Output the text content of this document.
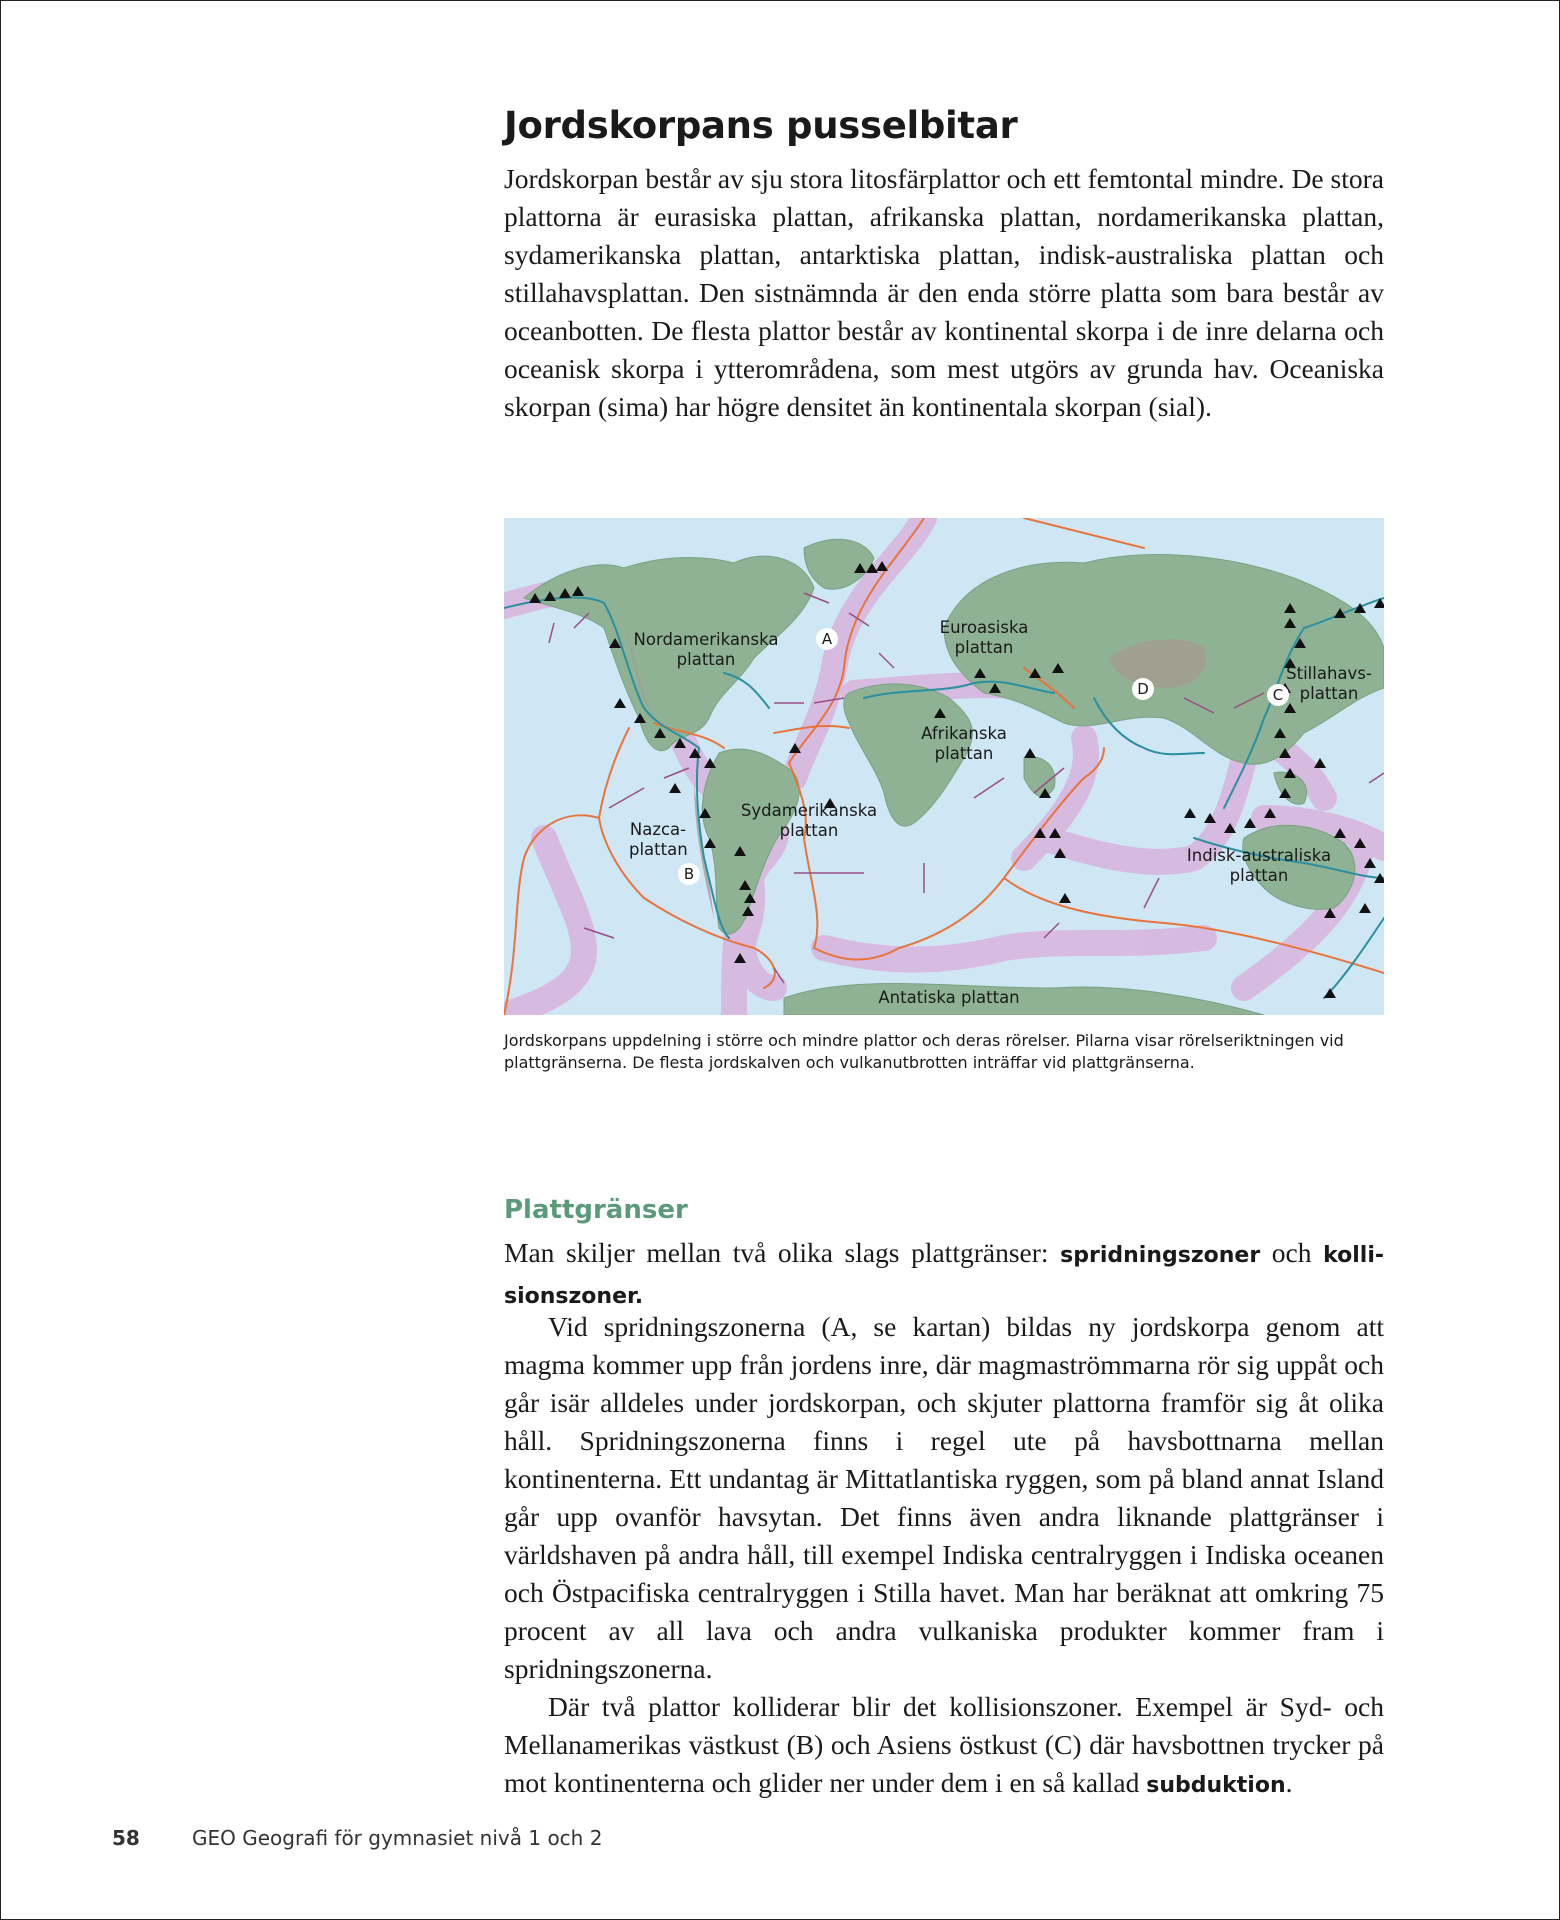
Jordskorpans pusselbitar

Jordskorpan består av sju stora litosfärplattor och ett femtontal mindre. De stora plattorna är eurasiska plattan, afrikanska plattan, nordamerikanska plattan, sydamerikanska plattan, antarktiska plattan, indisk-australiska plattan och stillahavsplattan. Den sistnämnda är den enda större platta som bara består av oceanbotten. De flesta plattor består av kontinental skorpa i de inre delarna och oceanisk skorpa i ytterområdena, som mest utgörs av grunda hav. Oceaniska skorpan (sima) har högre densitet än kontinentala skorpan (sial).

Nordamerikanska plattan
Euroasiska plattan
Stillahavs- plattan
Afrikanska plattan
Sydamerikanska plattan
Nazca- plattan	Indisk-australiska plattan
Antatiska plattan
A
B
C
D

Jordskorpans uppdelning i större och mindre plattor och deras rörelser. Pilarna visar rörelseriktningen vid plattgränserna. De flesta jordskalven och vulkanutbrotten inträffar vid plattgränserna.

Plattgränser

Man skiljer mellan två olika slags plattgränser: spridningszoner och kollisionszoner.

Vid spridningszonerna (A, se kartan) bildas ny jordskorpa genom att magma kommer upp från jordens inre, där magmaströmmarna rör sig uppåt och går isär alldeles under jordskorpan, och skjuter plattorna framför sig åt olika håll. Spridningszonerna finns i regel ute på havsbottnarna mellan kontinenterna. Ett undantag är Mittatlantiska ryggen, som på bland annat Island går upp ovanför havsytan. Det finns även andra liknande plattgränser i världshaven på andra håll, till exempel Indiska centralryggen i Indiska oceanen och Östpacifiska centralryggen i Stilla havet. Man har beräknat att omkring 75 procent av all lava och andra vulkaniska produkter kommer fram i spridningszonerna.

Där två plattor kolliderar blir det kollisionszoner. Exempel är Syd- och Mellanamerikas västkust (B) och Asiens östkust (C) där havsbottnen trycker på mot kontinenterna och glider ner under dem i en så kallad subduktion.

58	GEO Geografi för gymnasiet nivå 1 och 2
